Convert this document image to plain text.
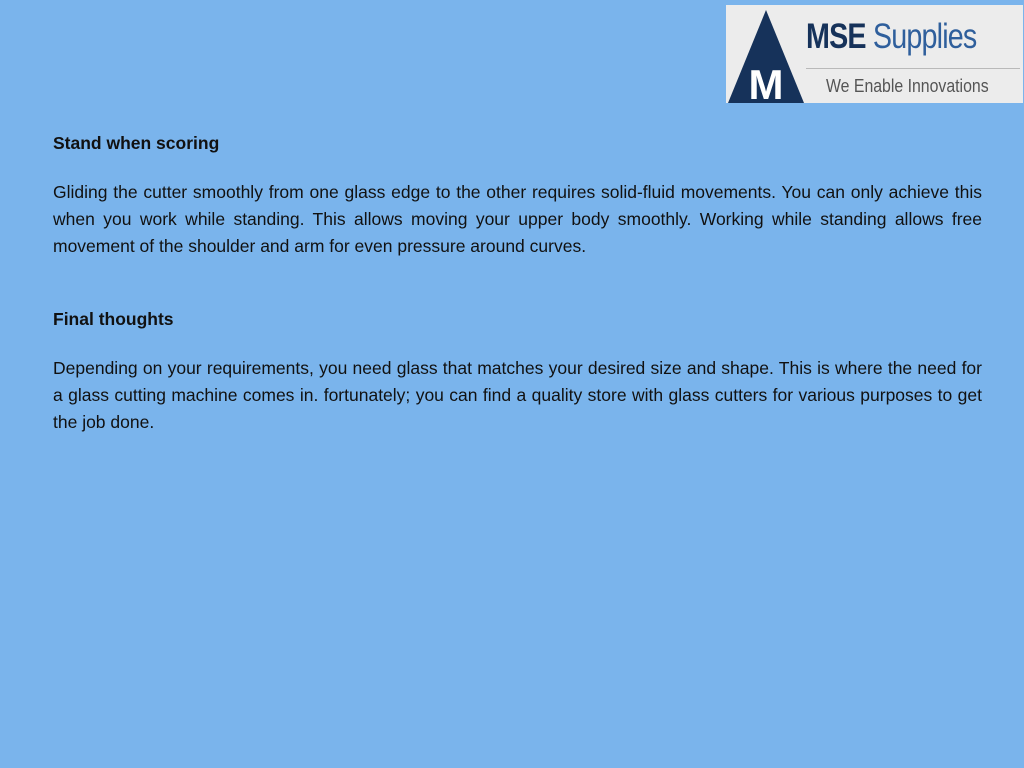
M
MSE Supplies
We Enable Innovations
Stand when scoring

Gliding the cutter smoothly from one glass edge to the other requires solid-fluid movements. You can only achieve this when you work while standing. This allows moving your upper body smoothly. Working while standing allows free movement of the shoulder and arm for even pressure around curves.

Final thoughts

Depending on your requirements, you need glass that matches your desired size and shape. This is where the need for a glass cutting machine comes in. fortunately; you can find a quality store with glass cutters for various purposes to get the job done.
